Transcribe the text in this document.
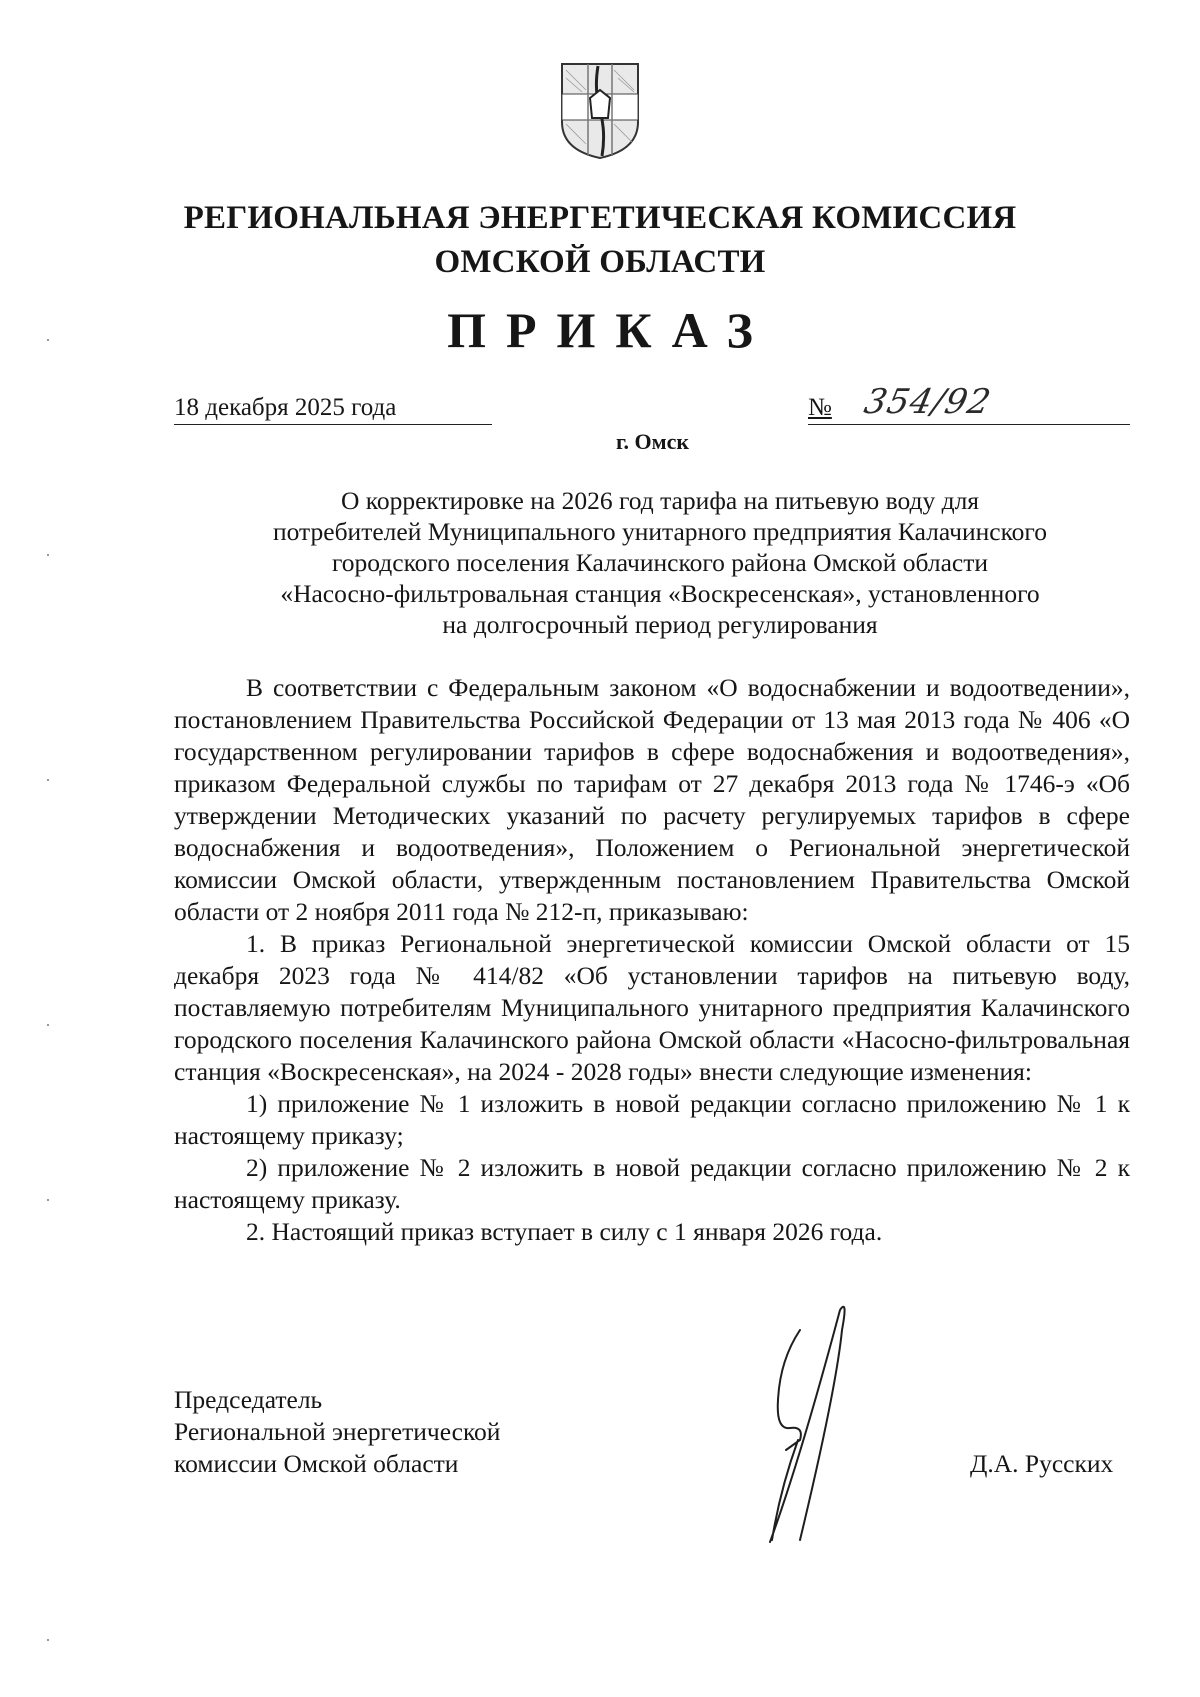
РЕГИОНАЛЬНАЯ ЭНЕРГЕТИЧЕСКАЯ КОМИССИЯ
ОМСКОЙ ОБЛАСТИ
ПРИКАЗ
18 декабря 2025 года	№ 354/92
г. Омск
О корректировке на 2026 год тарифа на питьевую воду для
потребителей Муниципального унитарного предприятия Калачинского
городского поселения Калачинского района Омской области
«Насосно-фильтровальная станция «Воскресенская», установленного
на долгосрочный период регулирования

В соответствии с Федеральным законом «О водоснабжении и водоотведении», постановлением Правительства Российской Федерации от 13 мая 2013 года № 406 «О государственном регулировании тарифов в сфере водоснабжения и водоотведения», приказом Федеральной службы по тарифам от 27 декабря 2013 года № 1746-э «Об утверждении Методических указаний по расчету регулируемых тарифов в сфере водоснабжения и водоотведения», Положением о Региональной энергетической комиссии Омской области, утвержденным постановлением Правительства Омской области от 2 ноября 2011 года № 212-п, приказываю:

1. В приказ Региональной энергетической комиссии Омской области от 15 декабря 2023 года № 414/82 «Об установлении тарифов на питьевую воду, поставляемую потребителям Муниципального унитарного предприятия Калачинского городского поселения Калачинского района Омской области «Насосно-фильтровальная станция «Воскресенская», на 2024 - 2028 годы» внести следующие изменения:

1) приложение № 1 изложить в новой редакции согласно приложению № 1 к настоящему приказу;

2) приложение № 2 изложить в новой редакции согласно приложению № 2 к настоящему приказу.

2. Настоящий приказ вступает в силу с 1 января 2026 года.

Председатель
Региональной энергетической
комиссии Омской области	Д.А. Русских
